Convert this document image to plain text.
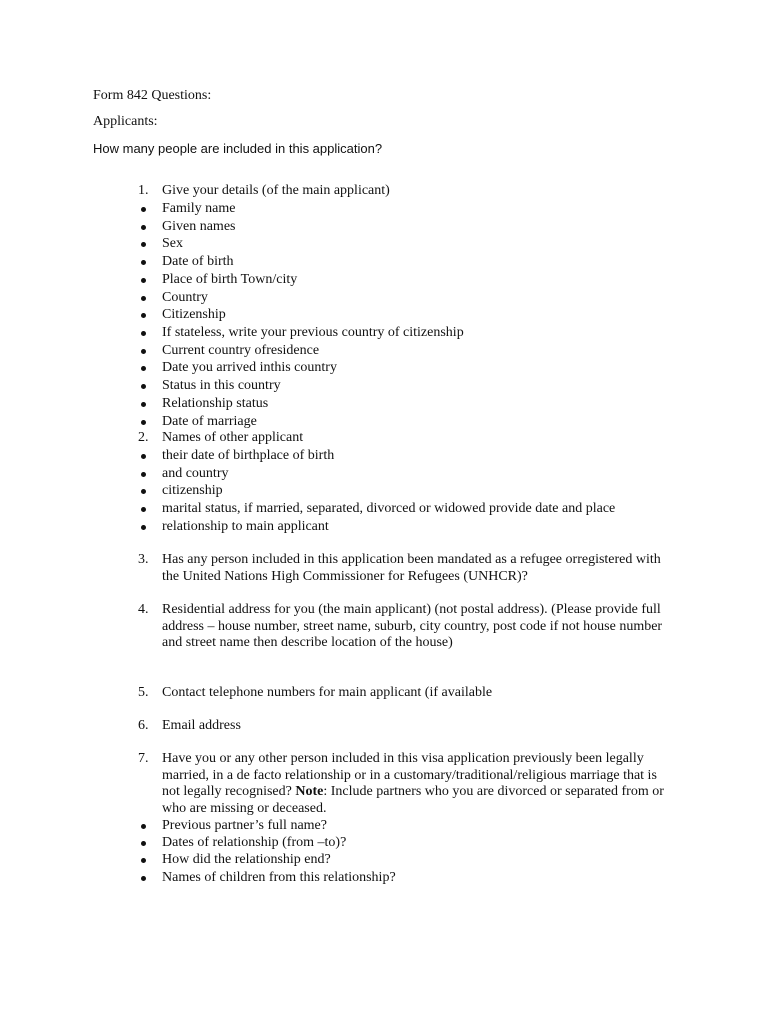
Form 842 Questions:
Applicants:
How many people are included in this application?
1. Give your details (of the main applicant)
Family name
Given names
Sex
Date of birth
Place of birth Town/city
Country
Citizenship
If stateless, write your previous country of citizenship
Current country ofresidence
Date you arrived inthis country
Status in this country
Relationship status
Date of marriage
2. Names of other applicant
their date of birthplace of birth
and country
citizenship
marital status, if married, separated, divorced or widowed provide date and place
relationship to main applicant
3. Has any person included in this application been mandated as a refugee orregistered with
the United Nations High Commissioner for Refugees (UNHCR)?
4. Residential address for you (the main applicant) (not postal address). (Please provide full
address – house number, street name, suburb, city country, post code if not house number
and street name then describe location of the house)
5. Contact telephone numbers for main applicant (if available
6. Email address
7. Have you or any other person included in this visa application previously been legally
married, in a de facto relationship or in a customary/traditional/religious marriage that is
not legally recognised? Note: Include partners who you are divorced or separated from or
who are missing or deceased.
Previous partner’s full name?
Dates of relationship (from –to)?
How did the relationship end?
Names of children from this relationship?
